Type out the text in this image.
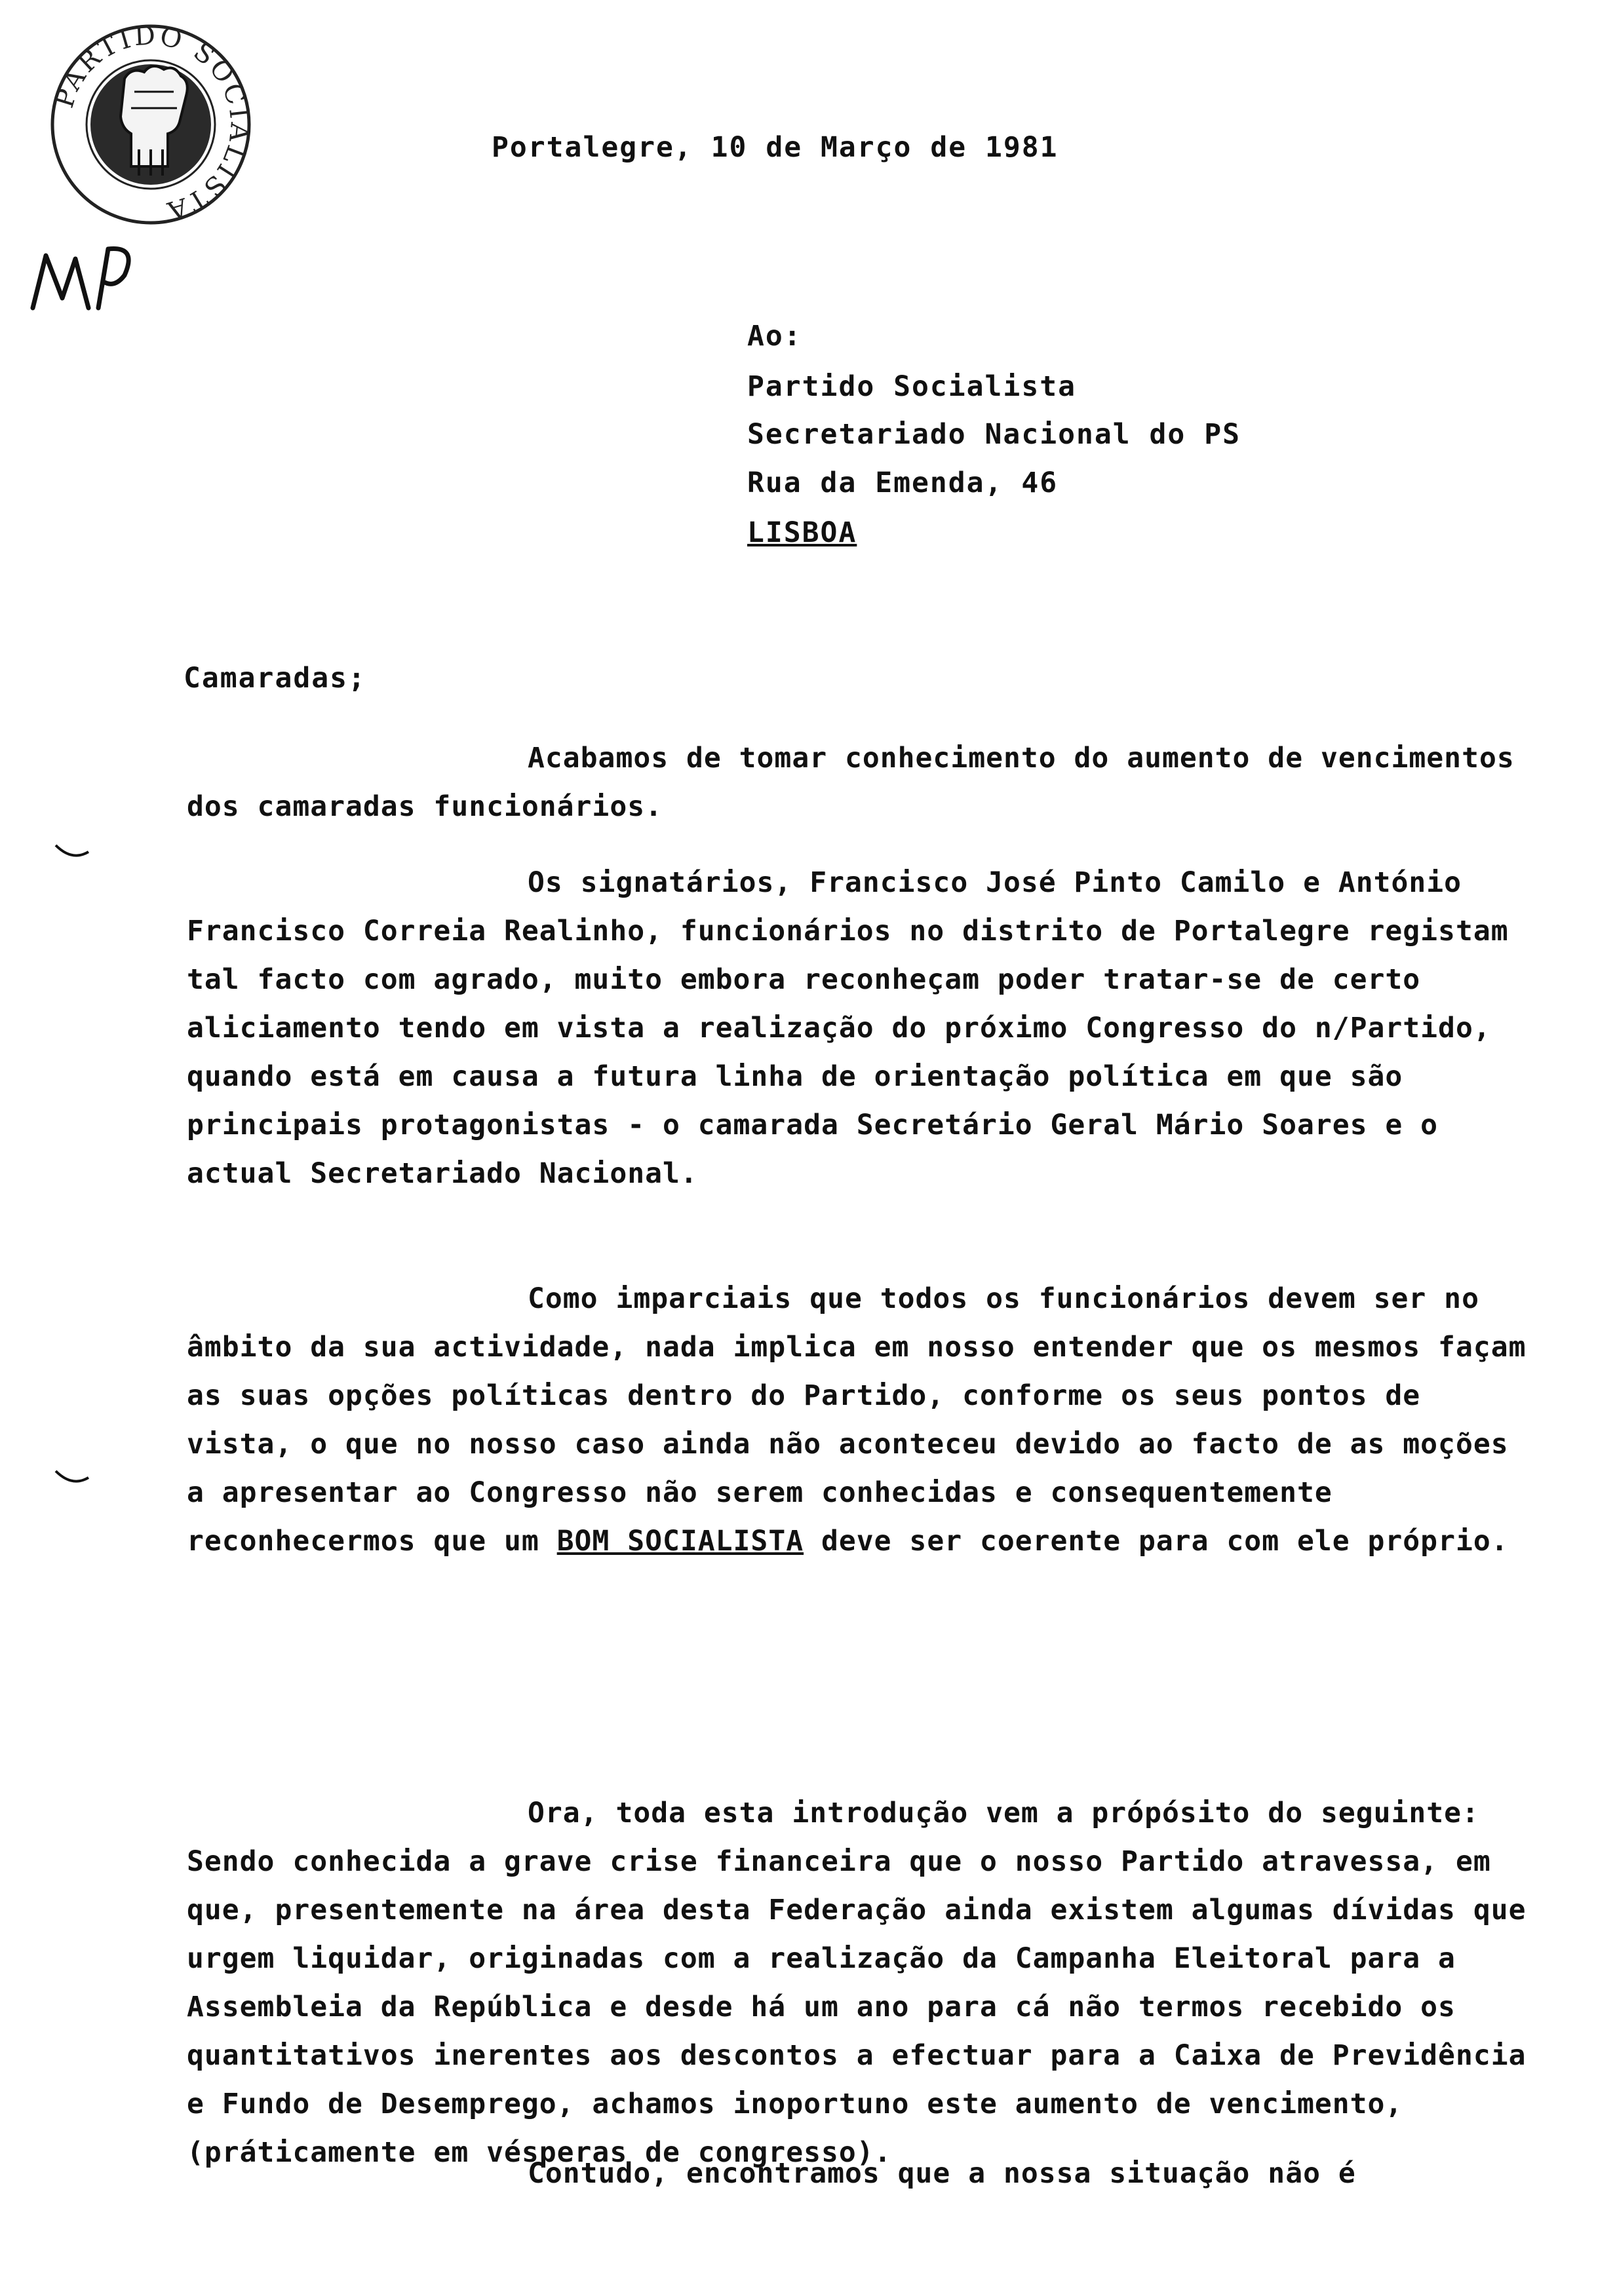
PARTIDO SOCIALISTA
Portalegre, 10 de Março de 1981
Ao:
Partido Socialista
Secretariado Nacional do PS
Rua da Emenda, 46
LISBOA
Camaradas;
Acabamos de tomar conhecimento do aumento de vencimentos dos camaradas funcionários.
Os signatários, Francisco José Pinto Camilo e António Francisco Correia Realinho, funcionários no distrito de Portalegre registam tal facto com agrado, muito embora reconheçam poder tratar-se de certo aliciamento tendo em vista a realização do próximo Congresso do n/Partido, quando está em causa a futura linha de orientação política em que são principais protagonistas - o camarada Secretário Geral Mário Soares e o actual Secretariado Nacional.
Como imparciais que todos os funcionários devem ser no âmbito da sua actividade, nada implica em nosso entender que os mesmos façam as suas opções políticas dentro do Partido, conforme os seus pontos de vista, o que no nosso caso ainda não aconteceu devido ao facto de as moções a apresentar ao Congresso não serem conhecidas e consequentemente reconhecermos que um BOM SOCIALISTA deve ser coerente para com ele próprio.
Ora, toda esta introdução vem a própósito do seguinte: Sendo conhecida a grave crise financeira que o nosso Partido atravessa, em que, presentemente na área desta Federação ainda existem algumas dívidas que urgem liquidar, originadas com a realização da Campanha Eleitoral para a Assembleia da República e desde há um ano para cá não termos recebido os quantitativos inerentes aos descontos a efectuar para a Caixa de Previdência e Fundo de Desemprego, achamos inoportuno este aumento de vencimento, (práticamente em vésperas de congresso).
Contudo, encontramos que a nossa situação não é
